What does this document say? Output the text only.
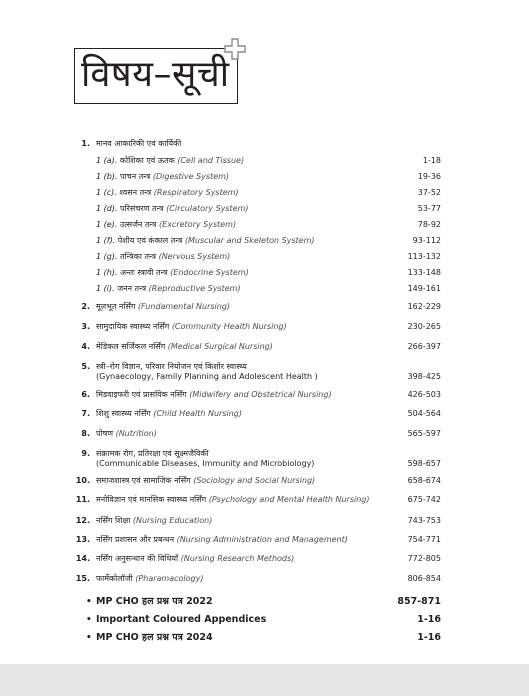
विषय–सूची
1. मानव आकारिकी एवं कार्यिकी
1 (a). कोशिका एवं ऊतक (Cell and Tissue)	1-18
1 (b). पाचन तन्त्र (Digestive System)	19-36
1 (c). श्वसन तन्त्र (Respiratory System)	37-52
1 (d). परिसंचरण तन्त्र (Circulatory System)	53-77
1 (e). उत्सर्जन तन्त्र (Excretory System)	78-92
1 (f). पेशीय एवं कंकाल तन्त्र (Muscular and Skeleton System)	93-112
1 (g). तन्त्रिका तन्त्र (Nervous System)	113-132
1 (h). अन्तः स्त्रावी तन्त्र (Endocrine System)	133-148
1 (i). जनन तन्त्र (Reproductive System)	149-161
2. मूलभूत नर्सिंग (Fundamental Nursing)	162-229
3. सामुदायिक स्वास्थ्य नर्सिंग (Community Health Nursing)	230-265
4. मेडिकल सर्जिकल नर्सिंग (Medical Surgical Nursing)	266-397
5. स्त्री–रोग विज्ञान, परिवार नियोजन एवं किशोर स्वास्थ्य
(Gynaecology, Family Planning and Adolescent Health )	398-425
6. मिडवाइफरी एवं प्रासविक नर्सिंग (Midwifery and Obstetrical Nursing)	426-503
7. शिशु स्वास्थ्य नर्सिंग (Child Health Nursing)	504-564
8. पोषण (Nutrition)	565-597
9. संक्रामक रोग, प्रतिरक्षा एवं सूक्ष्मजैविकी
(Communicable Diseases, Immunity and Microbiology)	598-657
10. समाजशास्त्र एवं सामाजिक नर्सिंग (Sociology and Social Nursing)	658-674
11. मनोविज्ञान एवं मानसिक स्वास्थ्य नर्सिंग (Psychology and Mental Health Nursing)	675-742
12. नर्सिंग शिक्षा (Nursing Education)	743-753
13. नर्सिंग प्रशासन और प्रबन्धन (Nursing Administration and Management)	754-771
14. नर्सिंग अनुसन्धान की विधियाँ (Nursing Research Methods)	772-805
15. फार्मेकोलॉजी (Pharamacology)	806-854
• MP CHO हल प्रश्न पत्र 2022	857-871
• Important Coloured Appendices	1-16
• MP CHO हल प्रश्न पत्र 2024	1-16
